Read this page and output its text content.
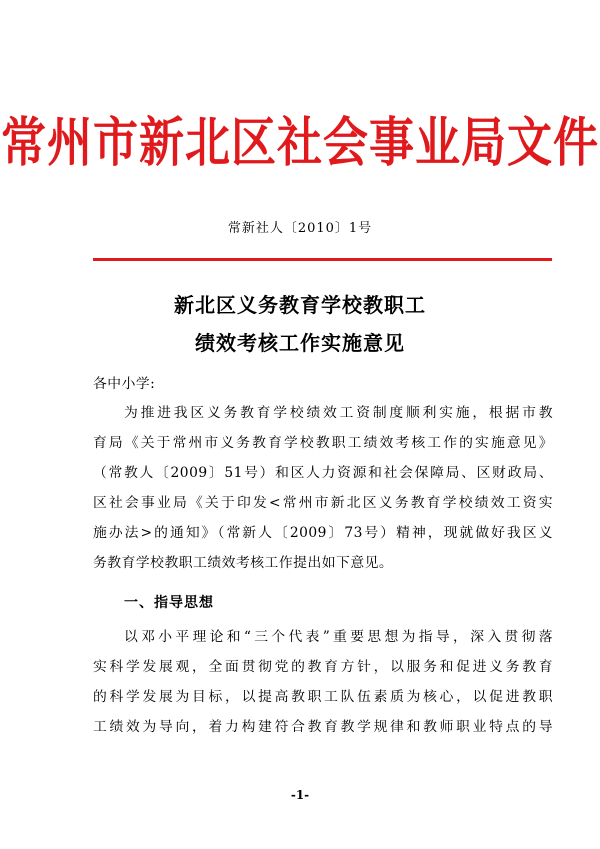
常州市新北区社会事业局文件
常新社人〔2010〕1号
新北区义务教育学校教职工
绩效考核工作实施意见
各中小学:
为推进我区义务教育学校绩效工资制度顺利实施，根据市教
育局《关于常州市义务教育学校教职工绩效考核工作的实施意见》
（常教人〔2009〕51号）和区人力资源和社会保障局、区财政局、
区社会事业局《关于印发<常州市新北区义务教育学校绩效工资实
施办法>的通知》（常新人〔2009〕73号）精神，现就做好我区义
务教育学校教职工绩效考核工作提出如下意见。
一、指导思想
以邓小平理论和“三个代表”重要思想为指导，深入贯彻落
实科学发展观，全面贯彻党的教育方针，以服务和促进义务教育
的科学发展为目标，以提高教职工队伍素质为核心，以促进教职
工绩效为导向，着力构建符合教育教学规律和教师职业特点的导
-1-
